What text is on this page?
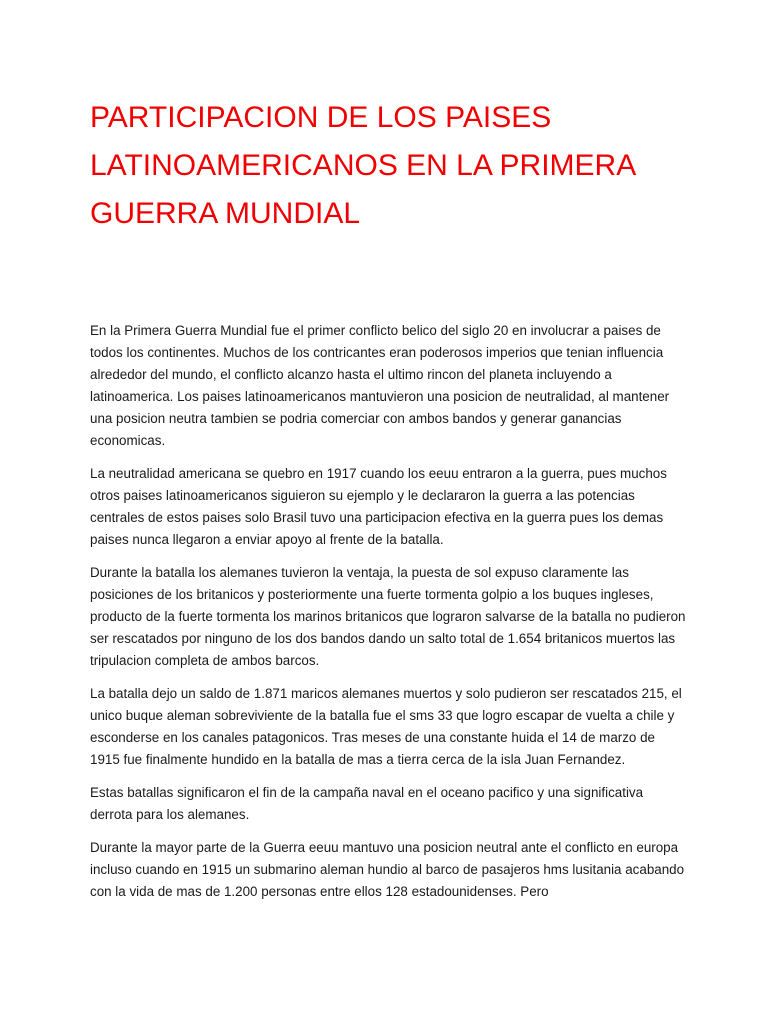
PARTICIPACION DE LOS PAISES LATINOAMERICANOS EN LA PRIMERA GUERRA MUNDIAL

En la Primera Guerra Mundial fue el primer conflicto belico del siglo 20 en involucrar a paises de todos los continentes. Muchos de los contricantes eran poderosos imperios que tenian influencia alrededor del mundo, el conflicto alcanzo hasta el ultimo rincon del planeta incluyendo a latinoamerica. Los paises latinoamericanos mantuvieron una posicion de neutralidad, al mantener una posicion neutra tambien se podria comerciar con ambos bandos y generar ganancias economicas.

La neutralidad americana se quebro en 1917 cuando los eeuu entraron a la guerra, pues muchos otros paises latinoamericanos siguieron su ejemplo y le declararon la guerra a las potencias centrales de estos paises solo Brasil tuvo una participacion efectiva en la guerra pues los demas paises nunca llegaron a enviar apoyo al frente de la batalla.

Durante la batalla los alemanes tuvieron la ventaja, la puesta de sol expuso claramente las posiciones de los britanicos y posteriormente una fuerte tormenta golpio a los buques ingleses, producto de la fuerte tormenta los marinos britanicos que lograron salvarse de la batalla no pudieron ser rescatados por ninguno de los dos bandos dando un salto total de 1.654 britanicos muertos las tripulacion completa de ambos barcos.

La batalla dejo un saldo de 1.871 maricos alemanes muertos y solo pudieron ser rescatados 215, el unico buque aleman sobreviviente de la batalla fue el sms 33 que logro escapar de vuelta a chile y esconderse en los canales patagonicos. Tras meses de una constante huida el 14 de marzo de 1915 fue finalmente hundido en la batalla de mas a tierra cerca de la isla Juan Fernandez.

Estas batallas significaron el fin de la campaña naval en el oceano pacifico y una significativa derrota para los alemanes.

Durante la mayor parte de la Guerra eeuu mantuvo una posicion neutral ante el conflicto en europa incluso cuando en 1915 un submarino aleman hundio al barco de pasajeros hms lusitania acabando con la vida de mas de 1.200 personas entre ellos 128 estadounidenses. Pero
